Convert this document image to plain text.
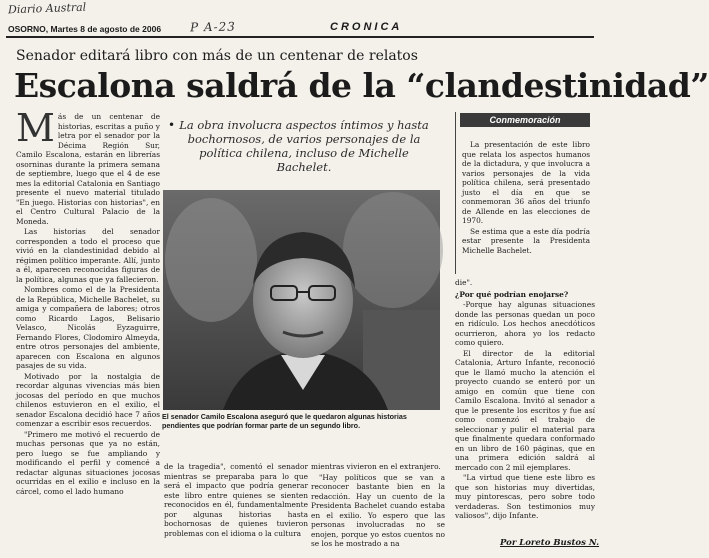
Diario Austral
P A-23
OSORNO, Martes 8 de agosto de 2006	CRONICA
Senador editará libro con más de un centenar de relatos
Escalona saldrá de la “clandestinidad”
M ás de un centenar de historias, escritas a puño y letra por el senador por la Décima Región Sur, Camilo Escalona, estarán en librerías osorninas durante la primera semana de septiembre, luego que el 4 de ese mes la editorial Catalonia en Santiago presente el nuevo material titulado "En juego. Historias con historias", en el Centro Cultural Palacio de la Moneda.

Las historias del senador corresponden a todo el proceso que vivió en la clandestinidad debido al régimen político imperante. Allí, junto a él, aparecen reconocidas figuras de la política, algunas que ya fallecieron.

Nombres como el de la Presidenta de la República, Michelle Bachelet, su amiga y compañera de labores; otros como Ricardo Lagos, Belisario Velasco, Nicolás Eyzaguirre, Fernando Flores, Clodomiro Almeyda, entre otros personajes del ambiente, aparecen con Escalona en algunos pasajes de su vida.

Motivado por la nostalgia de recordar algunas vivencias más bien jocosas del período en que muchos chilenos estuvieron en el exilio, el senador Escalona decidió hace 7 años comenzar a escribir esos recuerdos.

"Primero me motivó el recuerdo de muchas personas que ya no están, pero luego se fue ampliando y modificando el perfil y comencé a redactar algunas situaciones jocosas ocurridas en el exilio e incluso en la cárcel, como el lado humano

• La obra involucra aspectos íntimos y hasta bochornosos, de varios personajes de la política chilena, incluso de Michelle Bachelet.
El senador Camilo Escalona aseguró que le quedaron algunas historias pendientes que podrían formar parte de un segundo libro.

de la tragedia", comentó el senador mientras se preparaba para lo que será el impacto que podría generar este libro entre quienes se sienten reconocidos en él, fundamentalmente por algunas historias hasta bochornosas de quienes tuvieron problemas con el idioma o la cultura

mientras vivieron en el extranjero.

"Hay políticos que se van a reconocer bastante bien en la redacción. Hay un cuento de la Presidenta Bachelet cuando estaba en el exilio. Yo espero que las personas involucradas no se enojen, porque yo estos cuentos no se los he mostrado a na

Conmemoración

La presentación de este libro que relata los aspectos humanos de la dictadura, y que involucra a varios personajes de la vida política chilena, será presentado justo el día en que se conmemoran 36 años del triunfo de Allende en las elecciones de 1970.

Se estima que a este día podría estar presente la Presidenta Michelle Bachelet.

die".

¿Por qué podrían enojarse?

-Porque hay algunas situaciones donde las personas quedan un poco en ridículo. Los hechos anecdóticos ocurrieron, ahora yo los redacto como quiero.

El director de la editorial Catalonia, Arturo Infante, reconoció que le llamó mucho la atención el proyecto cuando se enteró por un amigo en común que tiene con Camilo Escalona. Invitó al senador a que le presente los escritos y fue así como comenzó el trabajo de seleccionar y pulir el material para que finalmente quedara conformado en un libro de 160 páginas, que en una primera edición saldrá al mercado con 2 mil ejemplares.

"La virtud que tiene este libro es que son historias muy divertidas, muy pintorescas, pero sobre todo verdaderas. Son testimonios muy valiosos", dijo Infante.

Por Loreto Bustos N.
